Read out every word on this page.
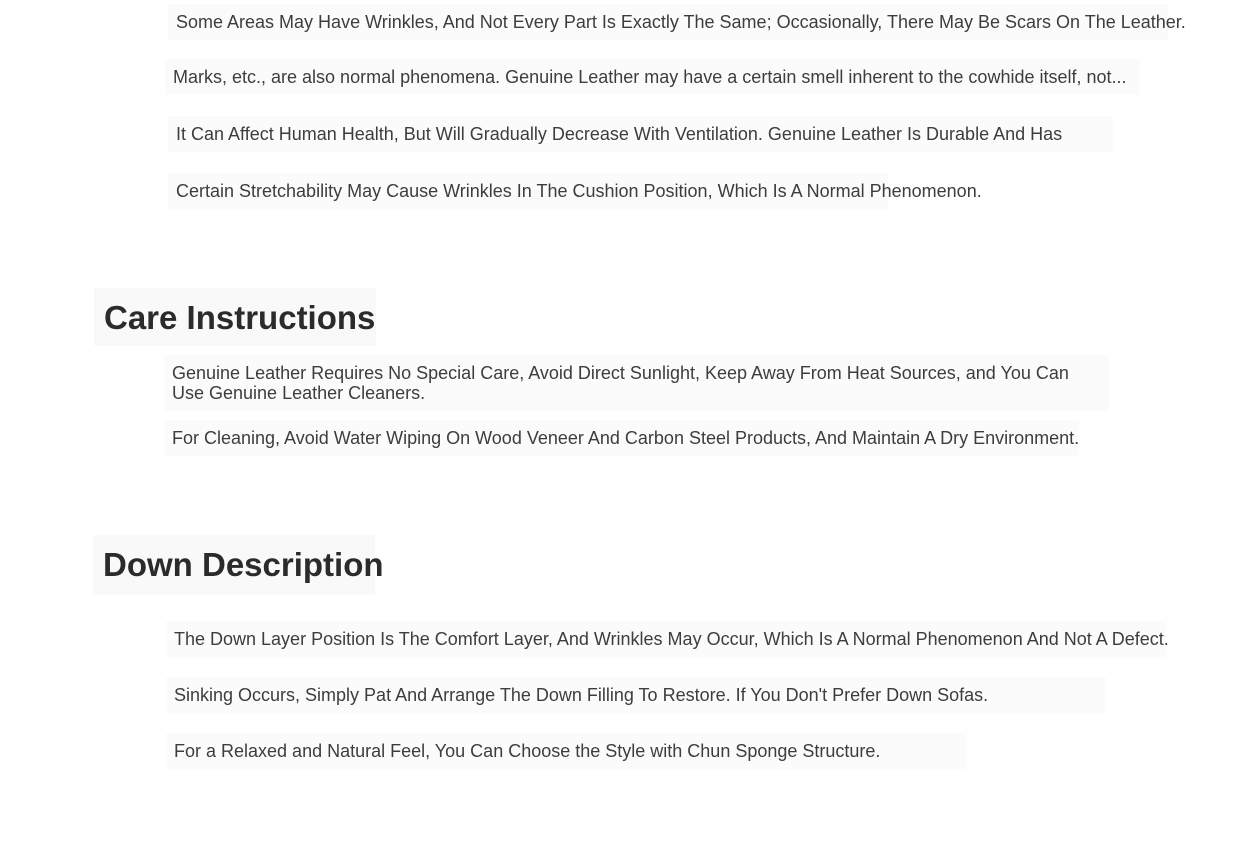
Some Areas May Have Wrinkles, And Not Every Part Is Exactly The Same; Occasionally, There May Be Scars On The Leather.
Marks, etc., are also normal phenomena. Genuine Leather may have a certain smell inherent to the cowhide itself, not...
It Can Affect Human Health, But Will Gradually Decrease With Ventilation. Genuine Leather Is Durable And Has
Certain Stretchability May Cause Wrinkles In The Cushion Position, Which Is A Normal Phenomenon.
Care Instructions
Genuine Leather Requires No Special Care, Avoid Direct Sunlight, Keep Away From Heat Sources, and You Can Use Genuine Leather Cleaners.
For Cleaning, Avoid Water Wiping On Wood Veneer And Carbon Steel Products, And Maintain A Dry Environment.
Down Description
The Down Layer Position Is The Comfort Layer, And Wrinkles May Occur, Which Is A Normal Phenomenon And Not A Defect.
Sinking Occurs, Simply Pat And Arrange The Down Filling To Restore. If You Don't Prefer Down Sofas.
For a Relaxed and Natural Feel, You Can Choose the Style with Chun Sponge Structure.
